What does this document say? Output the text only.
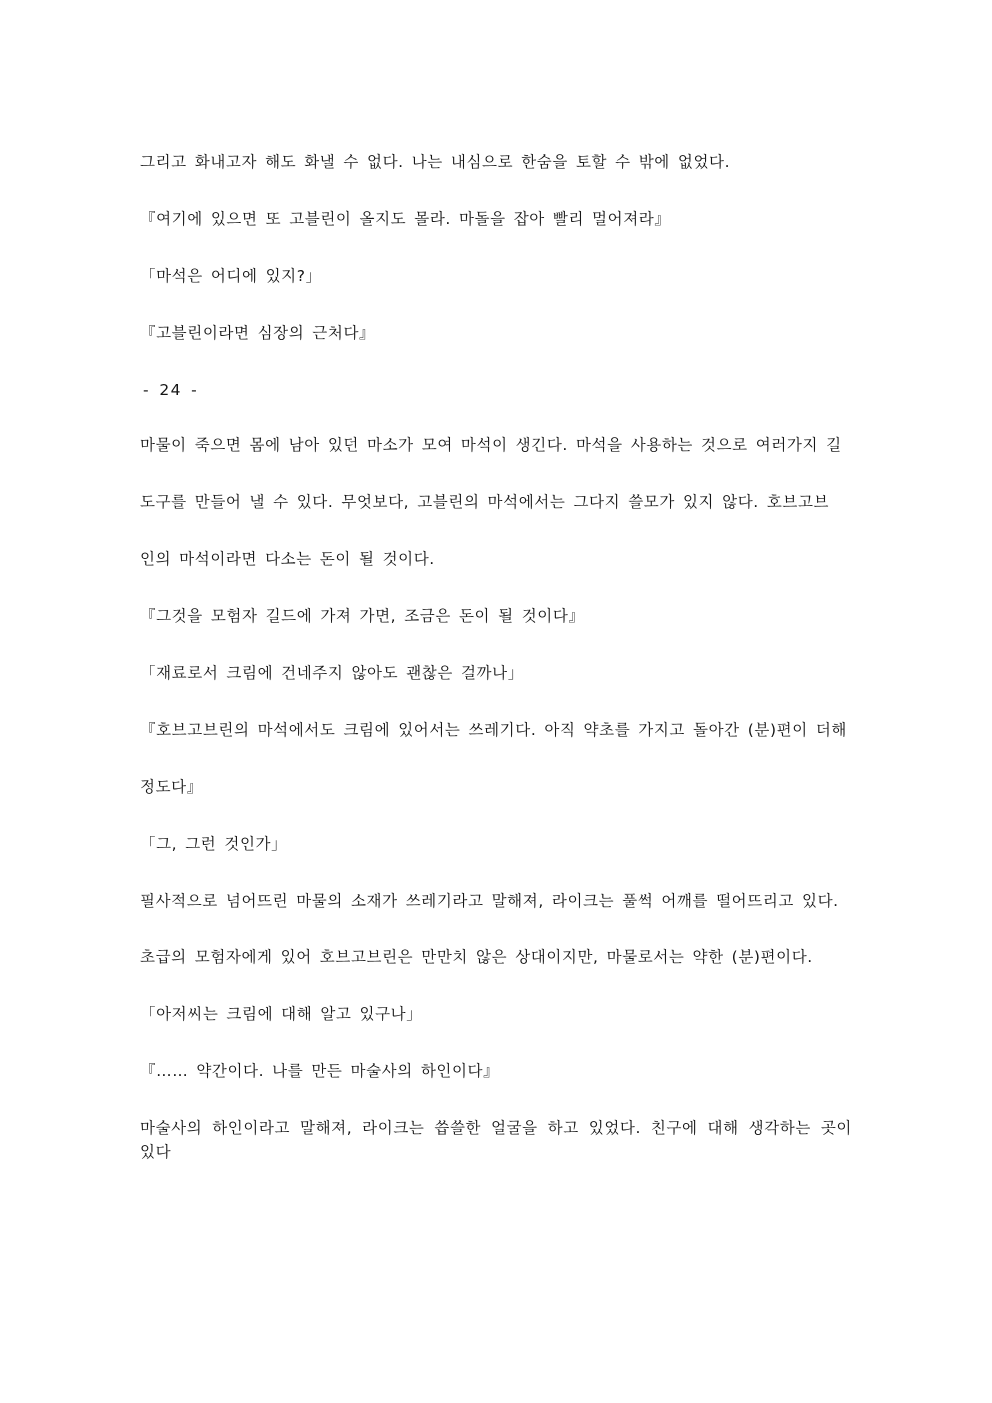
그리고 화내고자 해도 화낼 수 없다. 나는 내심으로 한숨을 토할 수 밖에 없었다.

『여기에 있으면 또 고블린이 올지도 몰라. 마돌을 잡아 빨리 멀어져라』

「마석은 어디에 있지?」

『고블린이라면 심장의 근처다』

- 24 -

마물이 죽으면 몸에 남아 있던 마소가 모여 마석이 생긴다. 마석을 사용하는 것으로 여러가지 길

도구를 만들어 낼 수 있다. 무엇보다, 고블린의 마석에서는 그다지 쓸모가 있지 않다. 호브고브

인의 마석이라면 다소는 돈이 될 것이다.

『그것을 모험자 길드에 가져 가면, 조금은 돈이 될 것이다』

「재료로서 크림에 건네주지 않아도 괜찮은 걸까나」

『호브고브린의 마석에서도 크림에 있어서는 쓰레기다. 아직 약초를 가지고 돌아간 (분)편이 더해

정도다』

「그, 그런 것인가」

필사적으로 넘어뜨린 마물의 소재가 쓰레기라고 말해져, 라이크는 풀썩 어깨를 떨어뜨리고 있다.

초급의 모험자에게 있어 호브고브린은 만만치 않은 상대이지만, 마물로서는 약한 (분)편이다.

「아저씨는 크림에 대해 알고 있구나」

『…… 약간이다. 나를 만든 마술사의 하인이다』

마술사의 하인이라고 말해져, 라이크는 씁쓸한 얼굴을 하고 있었다. 친구에 대해 생각하는 곳이 있다
